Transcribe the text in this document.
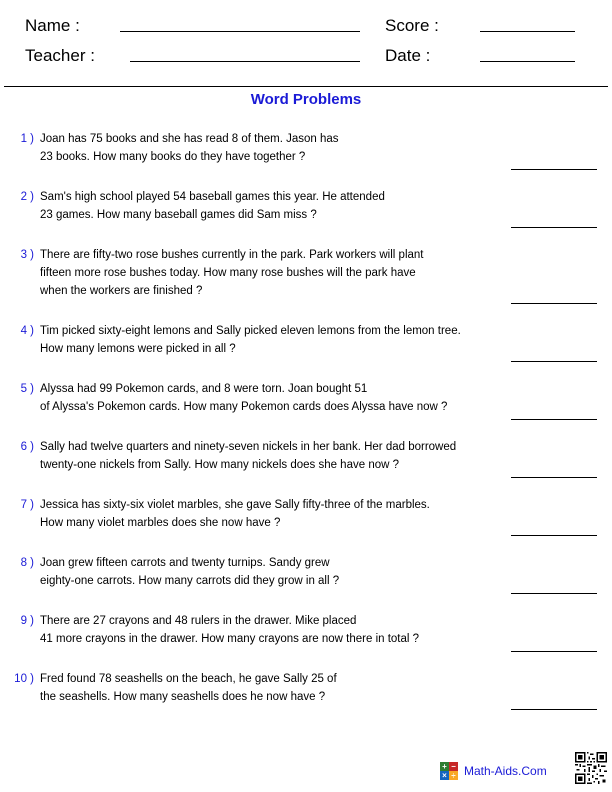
Name :	Score :
Teacher :	Date :
Word Problems
1 ) Joan has 75 books and she has read 8 of them. Jason has
23 books. How many books do they have together ?
2 ) Sam's high school played 54 baseball games this year. He attended
23 games. How many baseball games did Sam miss ?
3 ) There are fifty-two rose bushes currently in the park. Park workers will plant
fifteen more rose bushes today. How many rose bushes will the park have
when the workers are finished ?
4 ) Tim picked sixty-eight lemons and Sally picked eleven lemons from the lemon tree.
How many lemons were picked in all ?
5 ) Alyssa had 99 Pokemon cards, and 8 were torn. Joan bought 51
of Alyssa's Pokemon cards. How many Pokemon cards does Alyssa have now ?
6 ) Sally had twelve quarters and ninety-seven nickels in her bank. Her dad borrowed
twenty-one nickels from Sally. How many nickels does she have now ?
7 ) Jessica has sixty-six violet marbles, she gave Sally fifty-three of the marbles.
How many violet marbles does she now have ?
8 ) Joan grew fifteen carrots and twenty turnips. Sandy grew
eighty-one carrots. How many carrots did they grow in all ?
9 ) There are 27 crayons and 48 rulers in the drawer. Mike placed
41 more crayons in the drawer. How many crayons are now there in total ?
10 ) Fred found 78 seashells on the beach, he gave Sally 25 of
the seashells. How many seashells does he now have ?
+ −
× ÷ Math-Aids.Com
